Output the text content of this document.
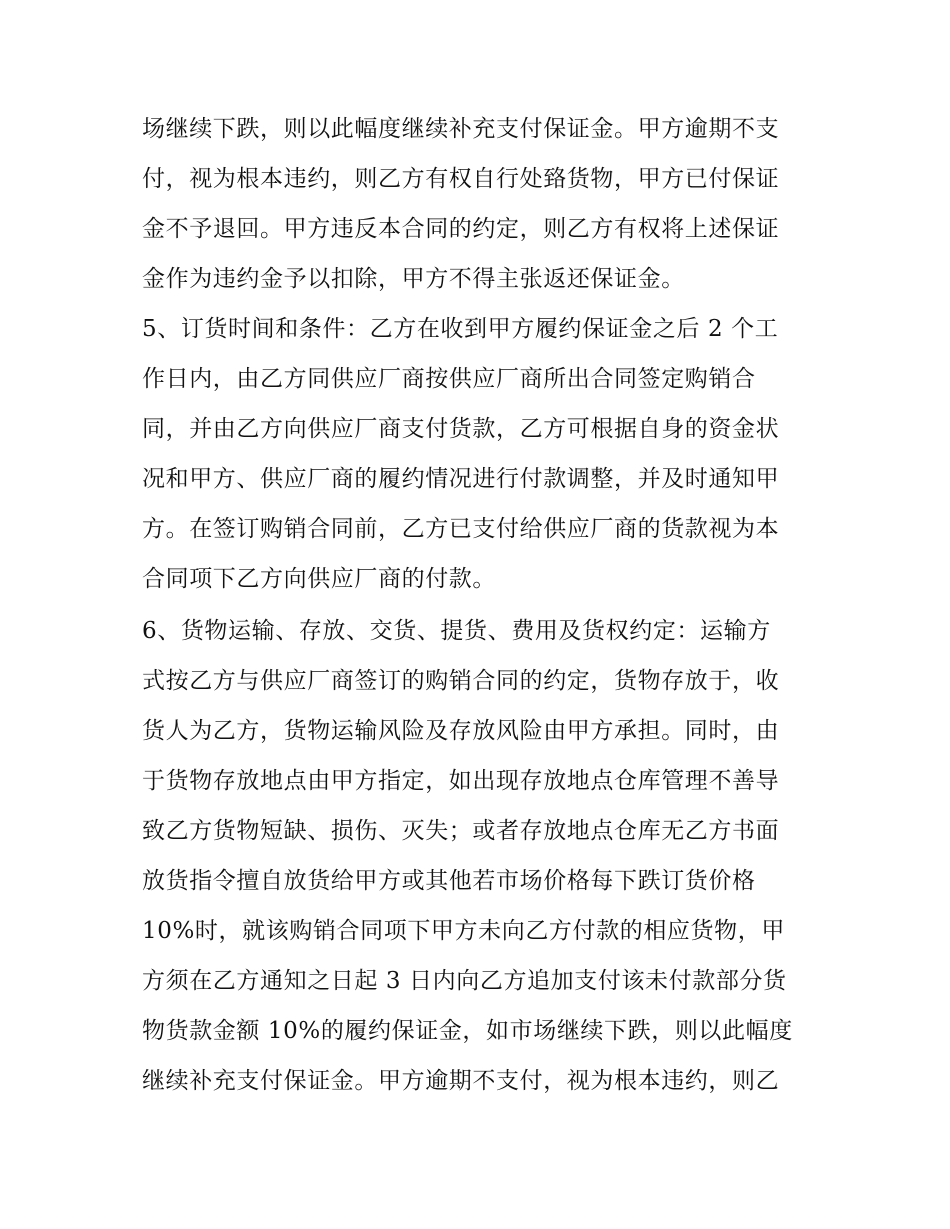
场继续下跌，则以此幅度继续补充支付保证金。甲方逾期不支
付，视为根本违约，则乙方有权自行处臵货物，甲方已付保证
金不予退回。甲方违反本合同的约定，则乙方有权将上述保证
金作为违约金予以扣除，甲方不得主张返还保证金。
5、订货时间和条件：乙方在收到甲方履约保证金之后 2 个工
作日内，由乙方同供应厂商按供应厂商所出合同签定购销合
同，并由乙方向供应厂商支付货款，乙方可根据自身的资金状
况和甲方、供应厂商的履约情况进行付款调整，并及时通知甲
方。在签订购销合同前，乙方已支付给供应厂商的货款视为本
合同项下乙方向供应厂商的付款。
6、货物运输、存放、交货、提货、费用及货权约定：运输方
式按乙方与供应厂商签订的购销合同的约定，货物存放于，收
货人为乙方，货物运输风险及存放风险由甲方承担。同时，由
于货物存放地点由甲方指定，如出现存放地点仓库管理不善导
致乙方货物短缺、损伤、灭失；或者存放地点仓库无乙方书面
放货指令擅自放货给甲方或其他若市场价格每下跌订货价格
10%时，就该购销合同项下甲方未向乙方付款的相应货物，甲
方须在乙方通知之日起 3 日内向乙方追加支付该未付款部分货
物货款金额 10%的履约保证金，如市场继续下跌，则以此幅度
继续补充支付保证金。甲方逾期不支付，视为根本违约，则乙
